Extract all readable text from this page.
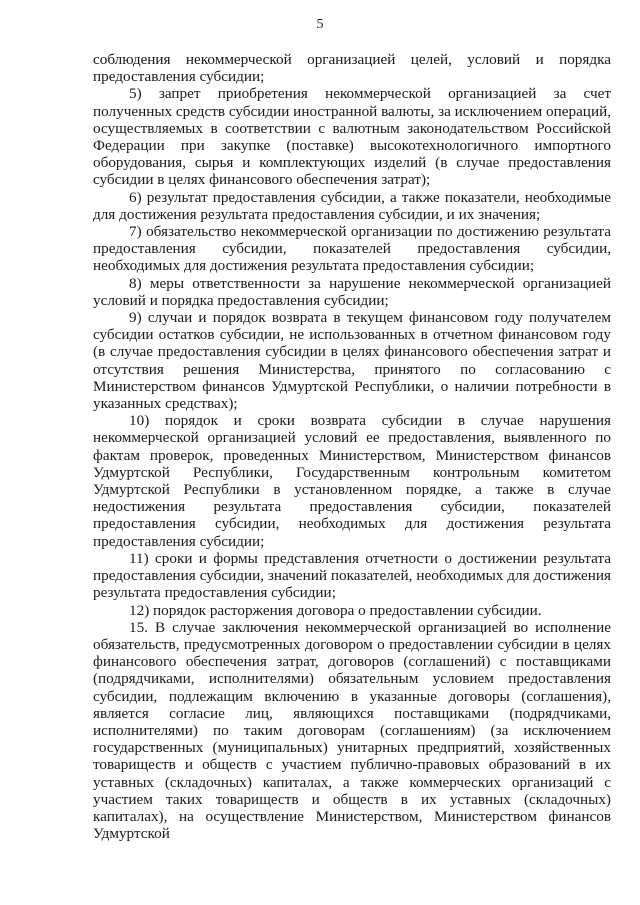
5

соблюдения некоммерческой организацией целей, условий и порядка предоставления субсидии;

5) запрет приобретения некоммерческой организацией за счет полученных средств субсидии иностранной валюты, за исключением операций, осуществляемых в соответствии с валютным законодательством Российской Федерации при закупке (поставке) высокотехнологичного импортного оборудования, сырья и комплектующих изделий (в случае предоставления субсидии в целях финансового обеспечения затрат);

6) результат предоставления субсидии, а также показатели, необходимые для достижения результата предоставления субсидии, и их значения;

7) обязательство некоммерческой организации по достижению результата предоставления субсидии, показателей предоставления субсидии, необходимых для достижения результата предоставления субсидии;

8) меры ответственности за нарушение некоммерческой организацией условий и порядка предоставления субсидии;

9) случаи и порядок возврата в текущем финансовом году получателем субсидии остатков субсидии, не использованных в отчетном финансовом году (в случае предоставления субсидии в целях финансового обеспечения затрат и отсутствия решения Министерства, принятого по согласованию с Министерством финансов Удмуртской Республики, о наличии потребности в указанных средствах);

10) порядок и сроки возврата субсидии в случае нарушения некоммерческой организацией условий ее предоставления, выявленного по фактам проверок, проведенных Министерством, Министерством финансов Удмуртской Республики, Государственным контрольным комитетом Удмуртской Республики в установленном порядке, а также в случае недостижения результата предоставления субсидии, показателей предоставления субсидии, необходимых для достижения результата предоставления субсидии;

11) сроки и формы представления отчетности о достижении результата предоставления субсидии, значений показателей, необходимых для достижения результата предоставления субсидии;

12) порядок расторжения договора о предоставлении субсидии.

15. В случае заключения некоммерческой организацией во исполнение обязательств, предусмотренных договором о предоставлении субсидии в целях финансового обеспечения затрат, договоров (соглашений) с поставщиками (подрядчиками, исполнителями) обязательным условием предоставления субсидии, подлежащим включению в указанные договоры (соглашения), является согласие лиц, являющихся поставщиками (подрядчиками, исполнителями) по таким договорам (соглашениям) (за исключением государственных (муниципальных) унитарных предприятий, хозяйственных товариществ и обществ с участием публично-правовых образований в их уставных (складочных) капиталах, а также коммерческих организаций с участием таких товариществ и обществ в их уставных (складочных) капиталах), на осуществление Министерством, Министерством финансов Удмуртской
